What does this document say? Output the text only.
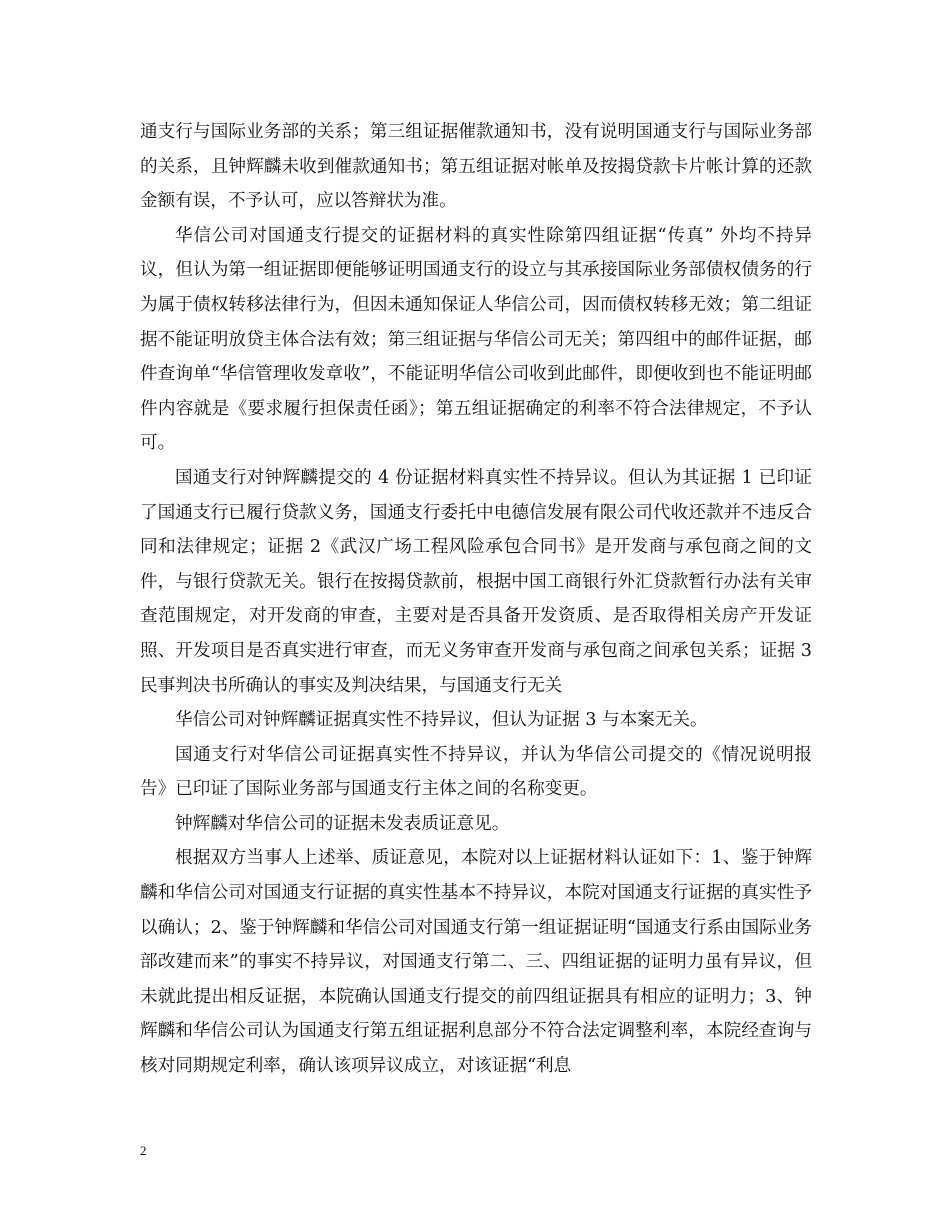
通支行与国际业务部的关系；第三组证据催款通知书，没有说明国通支行与国际业务部的关系，且钟辉麟未收到催款通知书；第五组证据对帐单及按揭贷款卡片帐计算的还款金额有误，不予认可，应以答辩状为准。

华信公司对国通支行提交的证据材料的真实性除第四组证据“传真” 外均不持异议，但认为第一组证据即便能够证明国通支行的设立与其承接国际业务部债权债务的行为属于债权转移法律行为，但因未通知保证人华信公司，因而债权转移无效；第二组证据不能证明放贷主体合法有效；第三组证据与华信公司无关；第四组中的邮件证据，邮件查询单“华信管理收发章收”，不能证明华信公司收到此邮件，即便收到也不能证明邮件内容就是《要求履行担保责任函》；第五组证据确定的利率不符合法律规定，不予认可。

国通支行对钟辉麟提交的 4 份证据材料真实性不持异议。但认为其证据 1 已印证了国通支行已履行贷款义务，国通支行委托中电德信发展有限公司代收还款并不违反合同和法律规定；证据 2《武汉广场工程风险承包合同书》是开发商与承包商之间的文件，与银行贷款无关。银行在按揭贷款前，根据中国工商银行外汇贷款暂行办法有关审查范围规定，对开发商的审查，主要对是否具备开发资质、是否取得相关房产开发证照、开发项目是否真实进行审查，而无义务审查开发商与承包商之间承包关系；证据 3 民事判决书所确认的事实及判决结果，与国通支行无关

华信公司对钟辉麟证据真实性不持异议，但认为证据 3 与本案无关。

国通支行对华信公司证据真实性不持异议，并认为华信公司提交的《情况说明报告》已印证了国际业务部与国通支行主体之间的名称变更。

钟辉麟对华信公司的证据未发表质证意见。

根据双方当事人上述举、质证意见，本院对以上证据材料认证如下：1、鉴于钟辉麟和华信公司对国通支行证据的真实性基本不持异议，本院对国通支行证据的真实性予以确认；2、鉴于钟辉麟和华信公司对国通支行第一组证据证明“国通支行系由国际业务部改建而来”的事实不持异议，对国通支行第二、三、四组证据的证明力虽有异议，但未就此提出相反证据，本院确认国通支行提交的前四组证据具有相应的证明力；3、钟辉麟和华信公司认为国通支行第五组证据利息部分不符合法定调整利率，本院经查询与核对同期规定利率，确认该项异议成立，对该证据“利息

2
